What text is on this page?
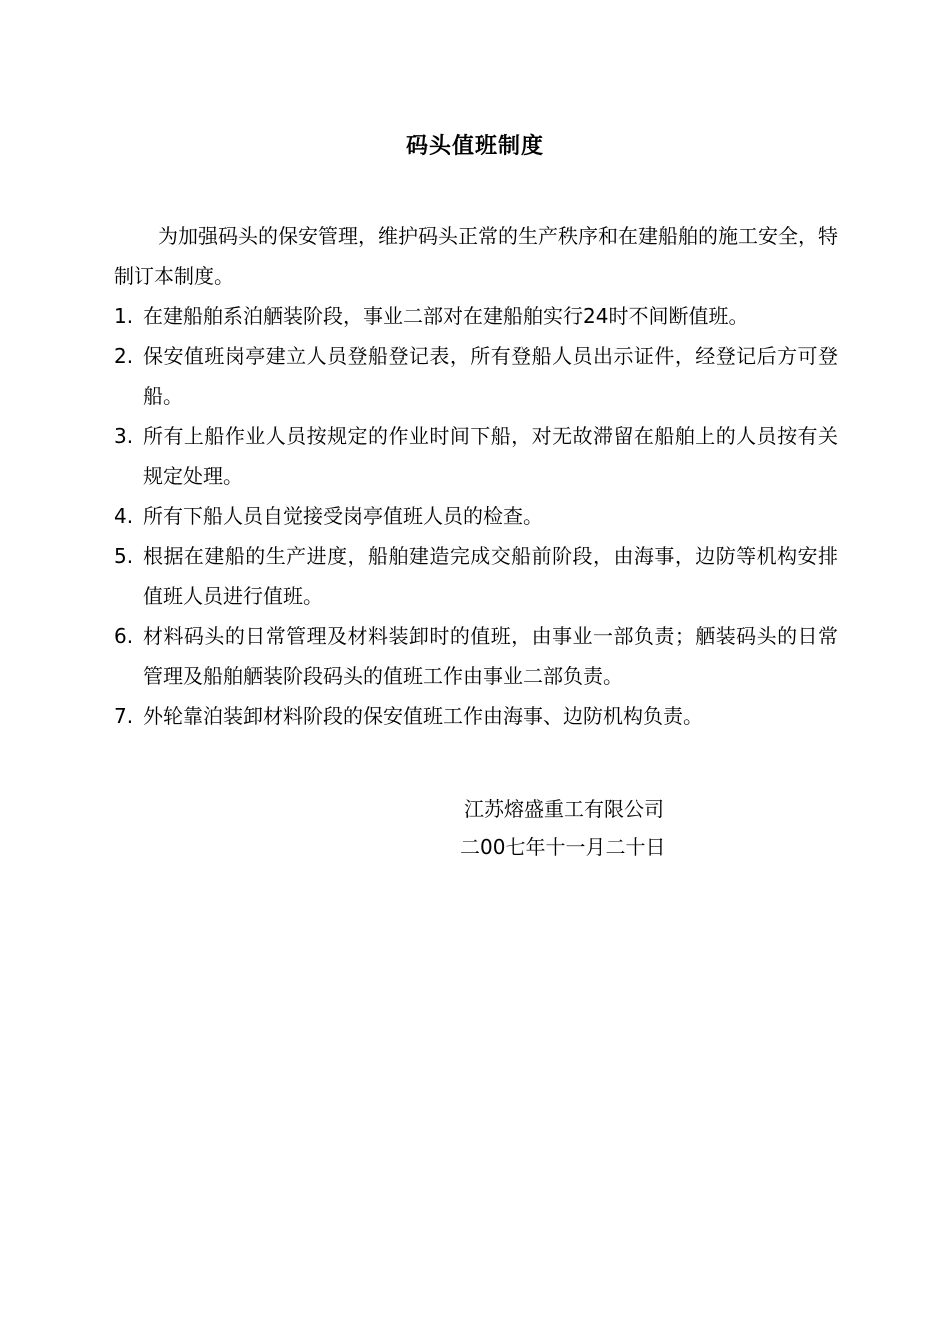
码头值班制度

为加强码头的保安管理，维护码头正常的生产秩序和在建船舶的施工安全，特制订本制度。

1. 在建船舶系泊舾装阶段，事业二部对在建船舶实行24时不间断值班。
2. 保安值班岗亭建立人员登船登记表，所有登船人员出示证件，经登记后方可登船。
3. 所有上船作业人员按规定的作业时间下船，对无故滞留在船舶上的人员按有关规定处理。
4. 所有下船人员自觉接受岗亭值班人员的检查。
5. 根据在建船的生产进度，船舶建造完成交船前阶段，由海事，边防等机构安排值班人员进行值班。
6. 材料码头的日常管理及材料装卸时的值班，由事业一部负责；舾装码头的日常管理及船舶舾装阶段码头的值班工作由事业二部负责。
7. 外轮靠泊装卸材料阶段的保安值班工作由海事、边防机构负责。
江苏熔盛重工有限公司
二00七年十一月二十日
